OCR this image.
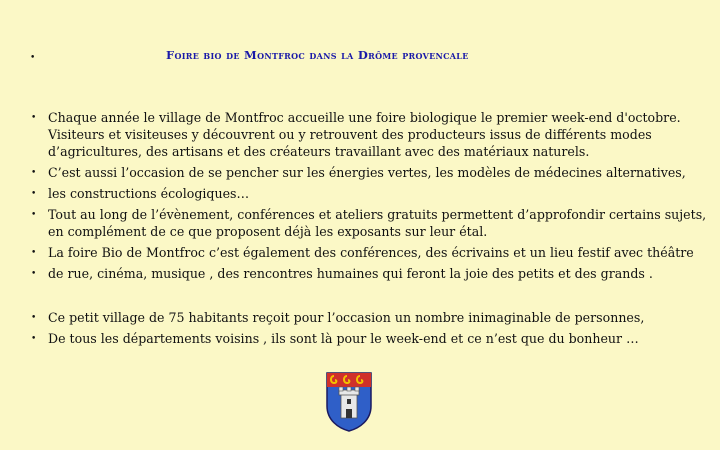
•	Foire bio de Montfroc dans la Drôme provencale
• Chaque année le village de Montfroc accueille une foire biologique le premier week-end d'octobre.
Visiteurs et visiteuses y découvrent ou y retrouvent des producteurs issus de différents modes
d’agricultures, des artisans et des créateurs travaillant avec des matériaux naturels.
• C’est aussi l’occasion de se pencher sur les énergies vertes, les modèles de médecines alternatives,
• les constructions écologiques…
• Tout au long de l’évènement, conférences et ateliers gratuits permettent d’approfondir certains sujets,
en complément de ce que proposent déjà les exposants sur leur étal.
• La foire Bio de Montfroc c’est également des conférences, des écrivains et un lieu festif avec théâtre
• de rue, cinéma, musique , des rencontres humaines qui feront la joie des petits et des grands .
• Ce petit village de 75 habitants reçoit pour l’occasion un nombre inimaginable de personnes,
• De tous les départements voisins , ils sont là pour le week-end et ce n’est que du bonheur …
